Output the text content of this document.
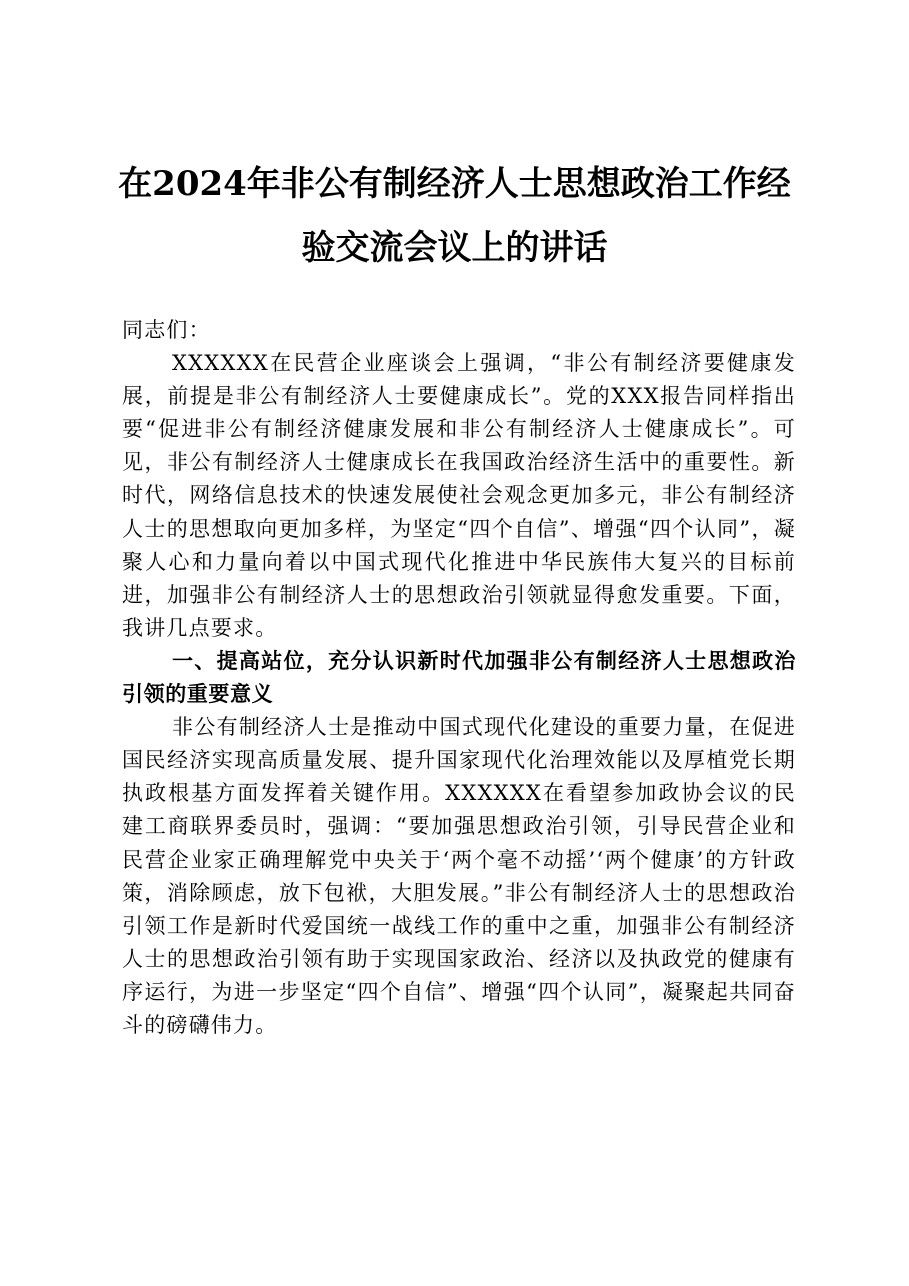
在2024年非公有制经济人士思想政治工作经
验交流会议上的讲话

同志们：

XXXXXX在民营企业座谈会上强调，“非公有制经济要健康发展，前提是非公有制经济人士要健康成长”。党的XXX报告同样指出要“促进非公有制经济健康发展和非公有制经济人士健康成长”。可见，非公有制经济人士健康成长在我国政治经济生活中的重要性。新时代，网络信息技术的快速发展使社会观念更加多元，非公有制经济人士的思想取向更加多样，为坚定“四个自信”、增强“四个认同”，凝聚人心和力量向着以中国式现代化推进中华民族伟大复兴的目标前进，加强非公有制经济人士的思想政治引领就显得愈发重要。下面，我讲几点要求。

一、提高站位，充分认识新时代加强非公有制经济人士思想政治引领的重要意义

非公有制经济人士是推动中国式现代化建设的重要力量，在促进国民经济实现高质量发展、提升国家现代化治理效能以及厚植党长期执政根基方面发挥着关键作用。XXXXXX在看望参加政协会议的民建工商联界委员时，强调：“要加强思想政治引领，引导民营企业和民营企业家正确理解党中央关于‘两个毫不动摇’‘两个健康’的方针政策，消除顾虑，放下包袱，大胆发展。”非公有制经济人士的思想政治引领工作是新时代爱国统一战线工作的重中之重，加强非公有制经济人士的思想政治引领有助于实现国家政治、经济以及执政党的健康有序运行，为进一步坚定“四个自信”、增强“四个认同”，凝聚起共同奋斗的磅礴伟力。
